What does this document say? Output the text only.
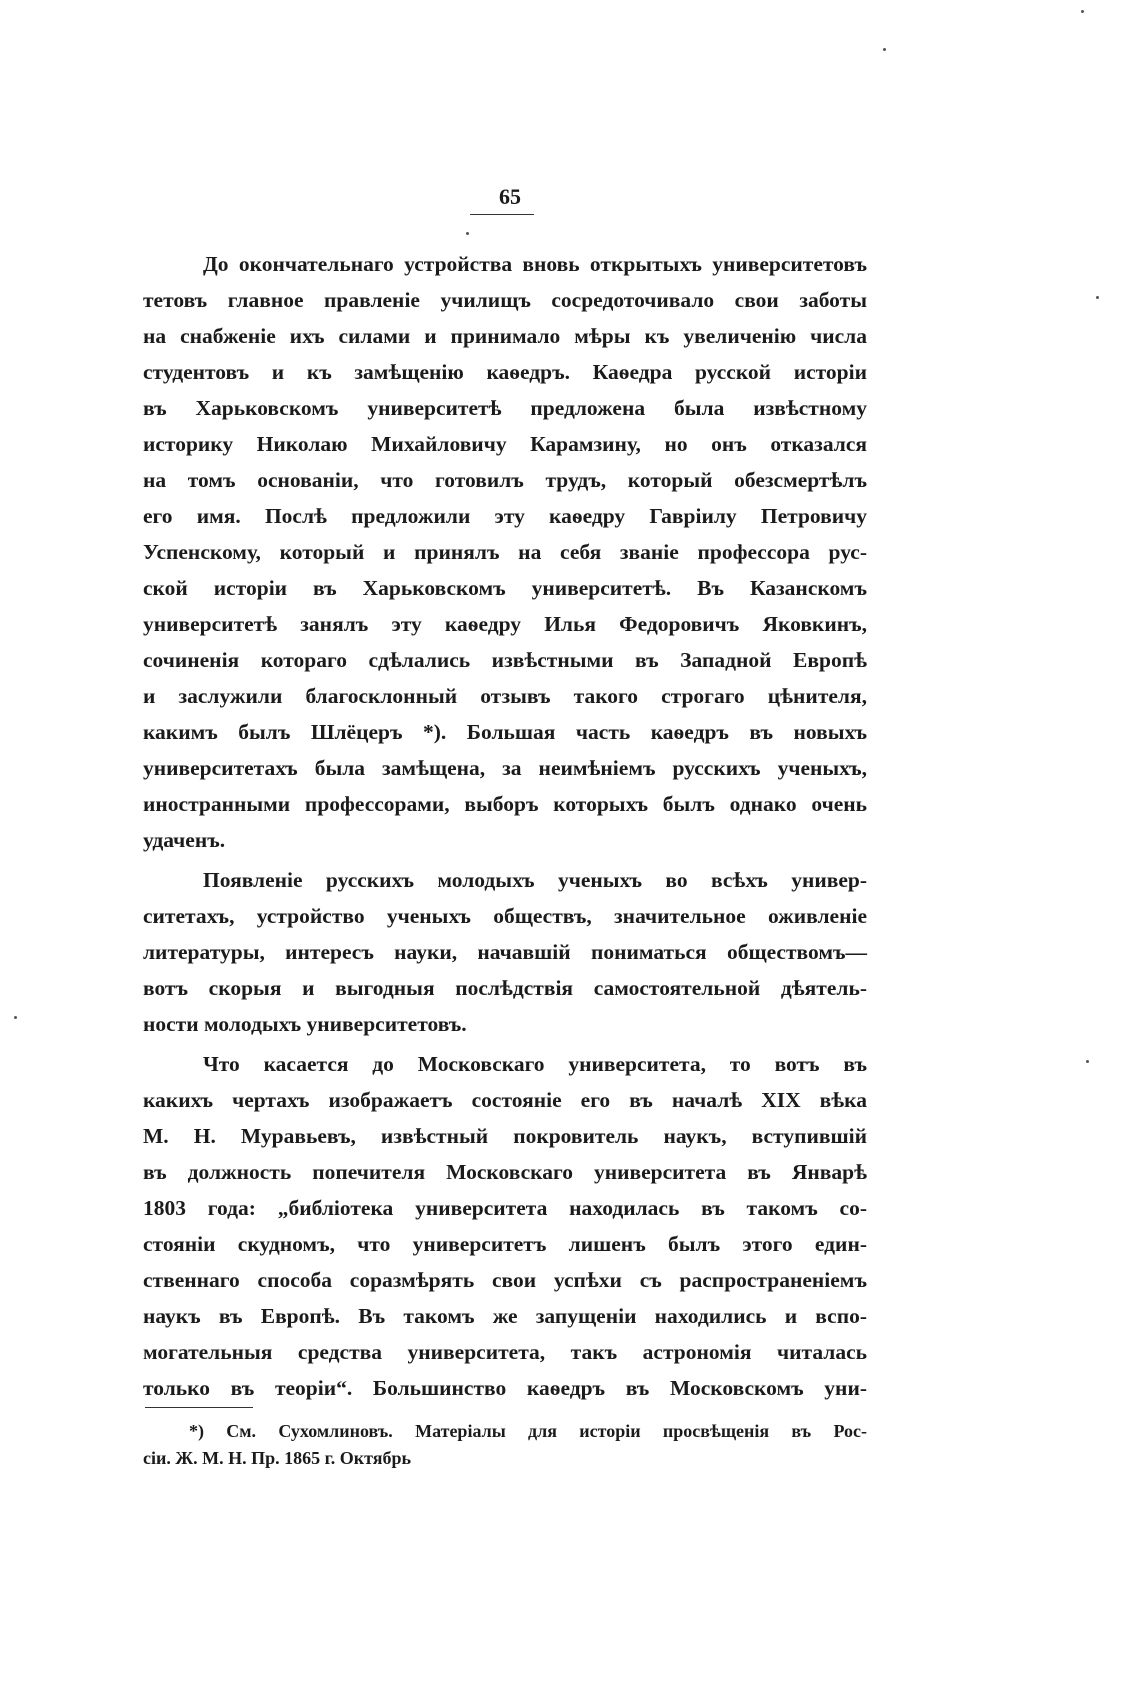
65
До окончательнаго устройства вновь открытыхъ университетовъ
тетовъ главное правленіе училищъ сосредоточивало свои заботы
на снабженіе ихъ силами и принимало мѣры къ увеличенію числа
студентовъ и къ замѣщенію каѳедръ. Каѳедра русской исторіи
въ Харьковскомъ университетѣ предложена была извѣстному
историку Николаю Михайловичу Карамзину, но онъ отказался
на томъ основаніи, что готовилъ трудъ, который обезсмертѣлъ
его имя. Послѣ предложили эту каѳедру Гавріилу Петровичу
Успенскому, который и принялъ на себя званіе профессора рус-
ской исторіи въ Харьковскомъ университетѣ. Въ Казанскомъ
университетѣ занялъ эту каѳедру Илья Федоровичъ Яковкинъ,
сочиненія котораго сдѣлались извѣстными въ Западной Европѣ
и заслужили благосклонный отзывъ такого строгаго цѣнителя,
какимъ былъ Шлёцеръ *). Большая часть каѳедръ въ новыхъ
университетахъ была замѣщена, за неимѣніемъ русскихъ ученыхъ,
иностранными профессорами, выборъ которыхъ былъ однако очень
удаченъ.
Появленіе русскихъ молодыхъ ученыхъ во всѣхъ универ-
ситетахъ, устройство ученыхъ обществъ, значительное оживленіе
литературы, интересъ науки, начавшій пониматься обществомъ—
вотъ скорыя и выгодныя послѣдствія самостоятельной дѣятель-
ности молодыхъ университетовъ.
Что касается до Московскаго университета, то вотъ въ
какихъ чертахъ изображаетъ состояніе его въ началѣ XIX вѣка
М. Н. Муравьевъ, извѣстный покровитель наукъ, вступившій
въ должность попечителя Московскаго университета въ Январѣ
1803 года: „библіотека университета находилась въ такомъ со-
стояніи скудномъ, что университетъ лишенъ былъ этого един-
ственнаго способа соразмѣрять свои успѣхи съ распространеніемъ
наукъ въ Европѣ. Въ такомъ же запущеніи находились и вспо-
могательныя средства университета, такъ астрономія читалась
только въ теоріи“. Большинство каѳедръ въ Московскомъ уни-
*) См. Сухомлиновъ. Матеріалы для исторіи просвѣщенія въ Рос-
сіи. Ж. М. Н. Пр. 1865 г. Октябрь
